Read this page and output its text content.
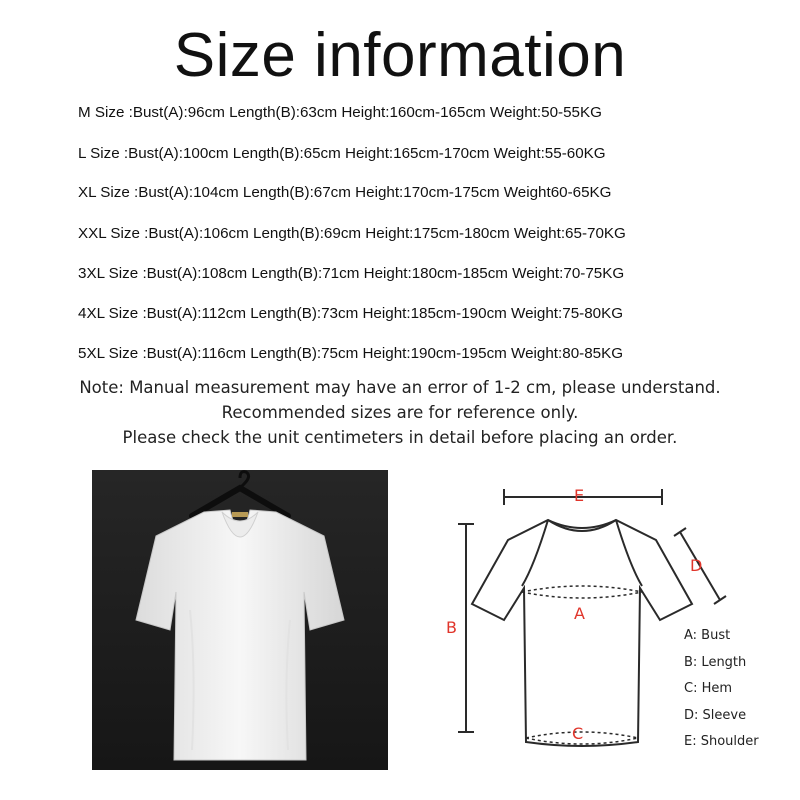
Size information
M Size :Bust(A):96cm Length(B):63cm Height:160cm-165cm Weight:50-55KG
L Size :Bust(A):100cm Length(B):65cm Height:165cm-170cm Weight:55-60KG
XL Size :Bust(A):104cm Length(B):67cm Height:170cm-175cm Weight60-65KG
XXL Size :Bust(A):106cm Length(B):69cm Height:175cm-180cm Weight:65-70KG
3XL Size :Bust(A):108cm Length(B):71cm Height:180cm-185cm Weight:70-75KG
4XL Size :Bust(A):112cm Length(B):73cm Height:185cm-190cm Weight:75-80KG
5XL Size :Bust(A):116cm Length(B):75cm Height:190cm-195cm Weight:80-85KG
Note: Manual measurement may have an error of 1-2 cm, please understand.
Recommended sizes are for reference only.
Please check the unit centimeters in detail before placing an order.
E
D
B
A
C
A: Bust
B: Length
C: Hem
D: Sleeve
E: Shoulder
